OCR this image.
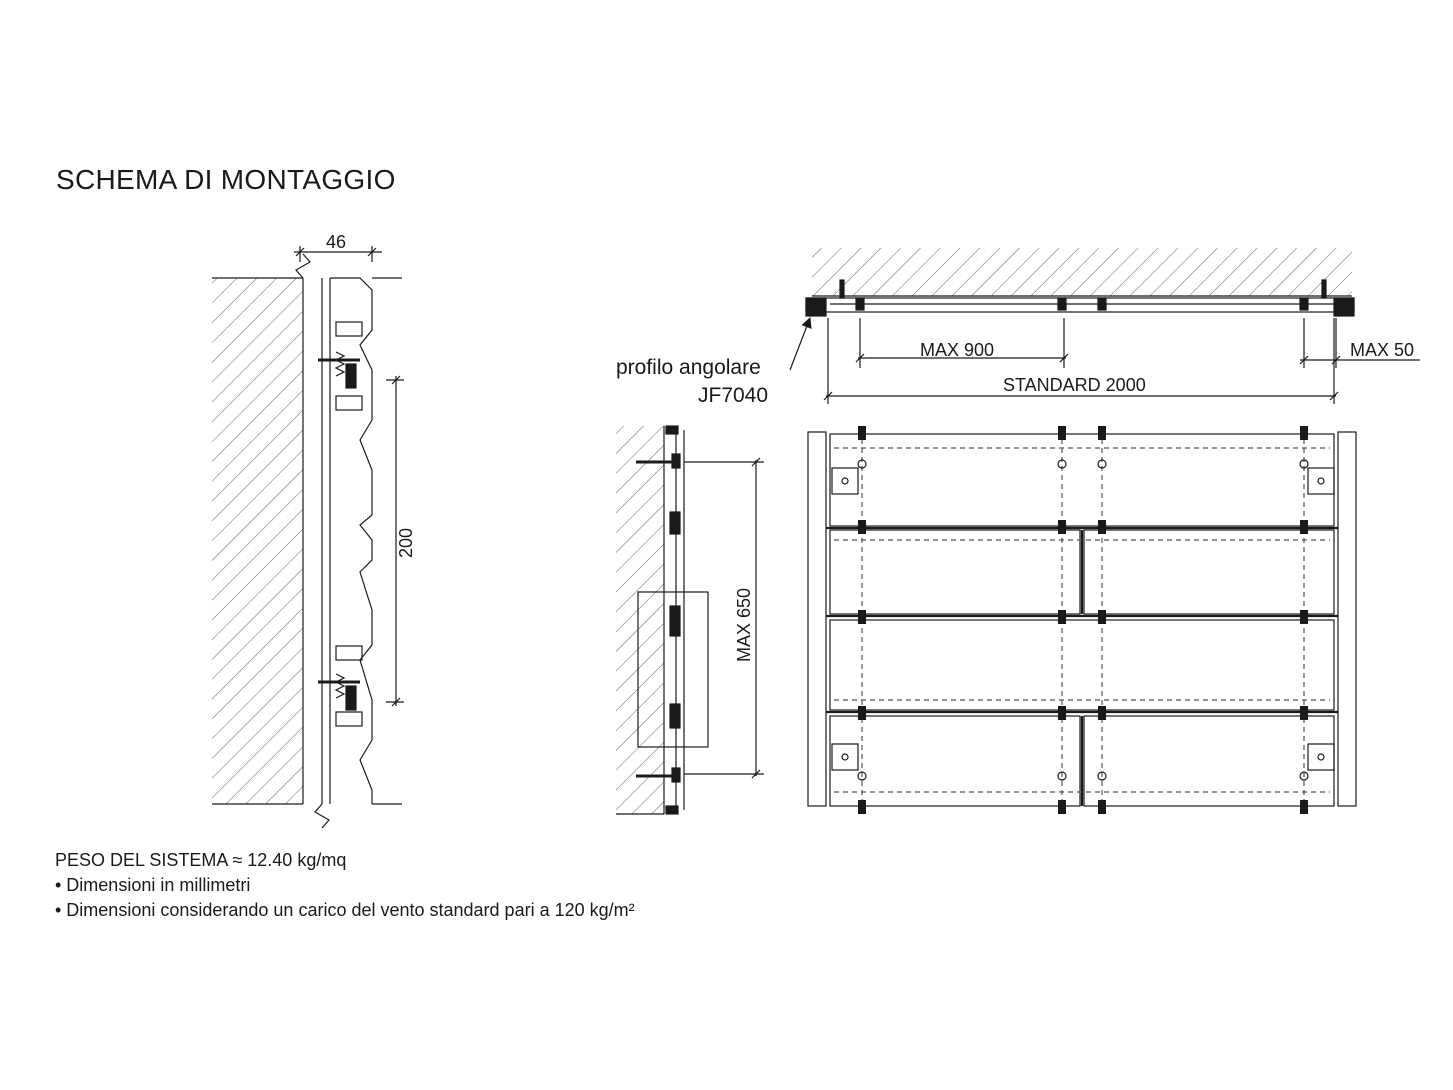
SCHEMA DI MONTAGGIO
46
200
MAX 650
profilo angolare
JF7040
MAX 900	MAX 50
STANDARD 2000
PESO DEL SISTEMA ≈ 12.40 kg/mq
• Dimensioni in millimetri
• Dimensioni considerando un carico del vento standard pari a 120 kg/m²
